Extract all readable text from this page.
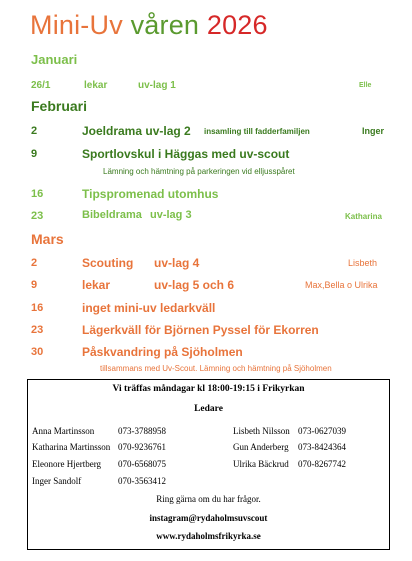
Mini-Uv våren 2026
Januari
26/1	lekar	uv-lag 1	Elle
Februari
2	Joeldrama uv-lag 2 insamling till fadderfamiljen	Inger
9	Sportlovskul i Häggas med uv-scout
Lämning och hämtning på parkeringen vid elljusspåret
16	Tipspromenad utomhus
23	Bibeldrama uv-lag 3	Katharina
Mars
2	Scouting uv-lag 4	Lisbeth
9	lekar	uv-lag 5 och 6	Max,Bella o Ulrika
16	inget mini-uv ledarkväll
23	Lägerkväll för Björnen Pyssel för Ekorren
30	Påskvandring på Sjöholmen
tillsammans med Uv-Scout. Lämning och hämtning på Sjöholmen
Vi träffas måndagar kl 18:00-19:15 i Frikyrkan
Ledare
Anna Martinsson	073-3788958	Lisbeth Nilsson 073-0627039
Katharina Martinsson 070-9236761	Gun Anderberg 073-8424364
Eleonore Hjertberg 070-6568075	Ulrika Bäckrud 070-8267742
Inger Sandolf	070-3563412
Ring gärna om du har frågor.
instagram@rydaholmsuvscout
www.rydaholmsfrikyrka.se
